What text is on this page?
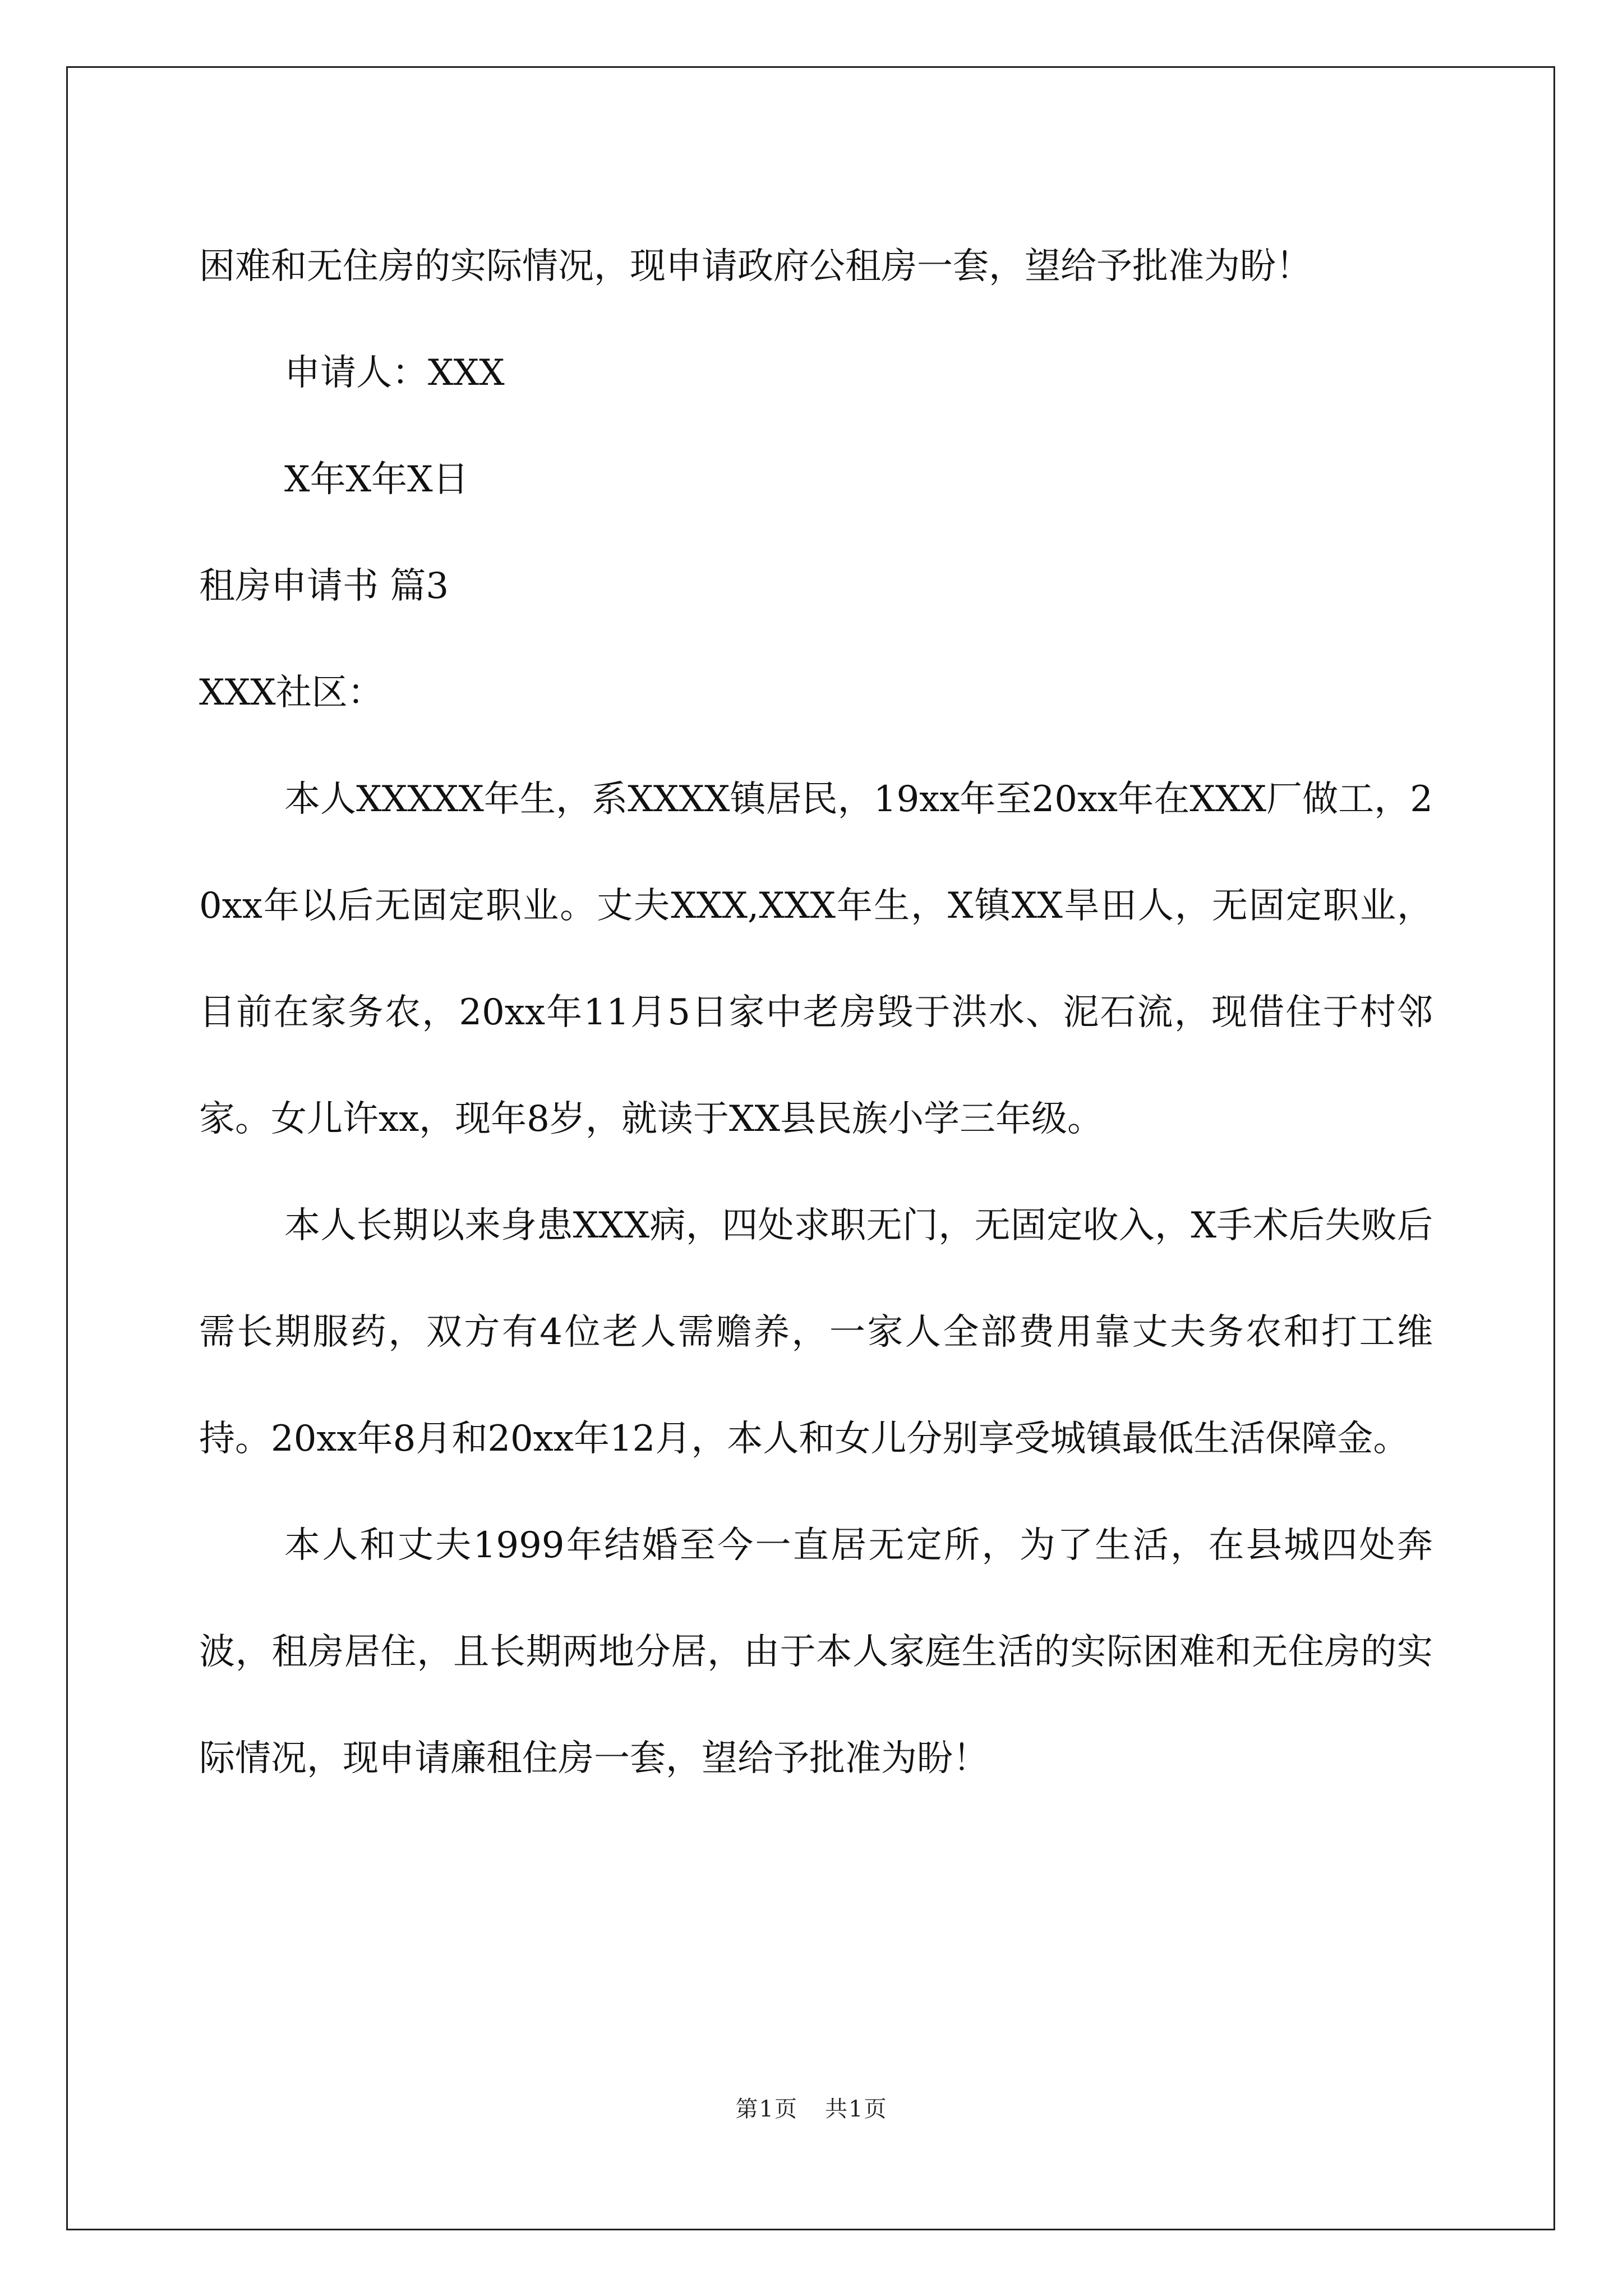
困难和无住房的实际情况，现申请政府公租房一套，望给予批准为盼！

申请人：XXX

X年X年X日

租房申请书 篇3

XXX社区：

本人XXXXX年生，系XXXX镇居民，19xx年至20xx年在XXX厂做工，20xx年以后无固定职业。丈夫XXX,XXX年生，X镇XX旱田人，无固定职业，目前在家务农，20xx年11月5日家中老房毁于洪水、泥石流，现借住于村邻家。女儿许xx，现年8岁，就读于XX县民族小学三年级。

本人长期以来身患XXX病，四处求职无门，无固定收入，X手术后失败后需长期服药，双方有4位老人需赡养，一家人全部费用靠丈夫务农和打工维持。20xx年8月和20xx年12月，本人和女儿分别享受城镇最低生活保障金。

本人和丈夫1999年结婚至今一直居无定所，为了生活，在县城四处奔波，租房居住，且长期两地分居，由于本人家庭生活的实际困难和无住房的实际情况，现申请廉租住房一套，望给予批准为盼！

第1页 共1页
